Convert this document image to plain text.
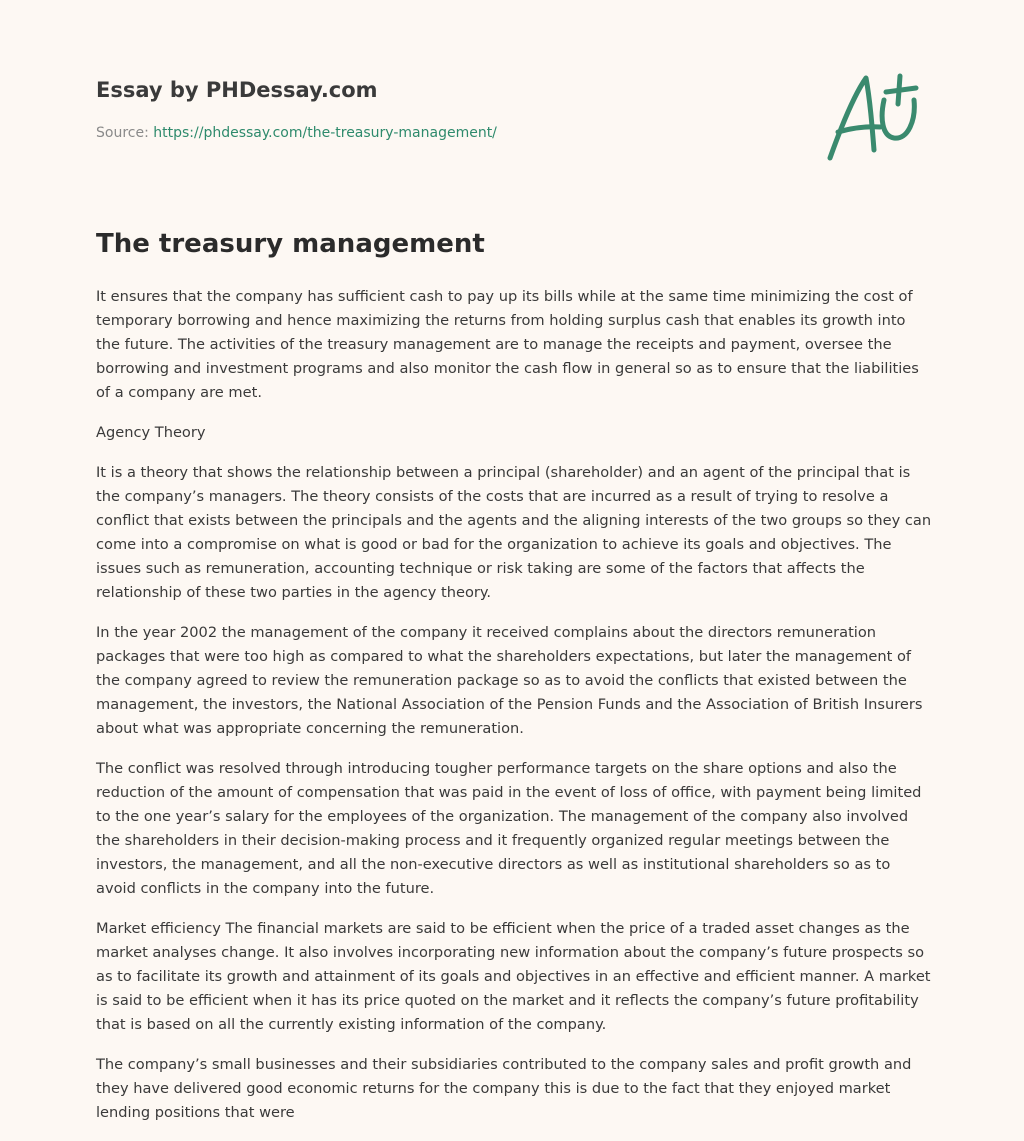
Essay by PHDessay.com
Source: https://phdessay.com/the-treasury-management/
The treasury management

It ensures that the company has sufficient cash to pay up its bills while at the same time minimizing the cost of temporary borrowing and hence maximizing the returns from holding surplus cash that enables its growth into the future. The activities of the treasury management are to manage the receipts and payment, oversee the borrowing and investment programs and also monitor the cash flow in general so as to ensure that the liabilities of a company are met.

Agency Theory

It is a theory that shows the relationship between a principal (shareholder) and an agent of the principal that is the company’s managers. The theory consists of the costs that are incurred as a result of trying to resolve a conflict that exists between the principals and the agents and the aligning interests of the two groups so they can come into a compromise on what is good or bad for the organization to achieve its goals and objectives. The issues such as remuneration, accounting technique or risk taking are some of the factors that affects the relationship of these two parties in the agency theory.

In the year 2002 the management of the company it received complains about the directors remuneration packages that were too high as compared to what the shareholders expectations, but later the management of the company agreed to review the remuneration package so as to avoid the conflicts that existed between the management, the investors, the National Association of the Pension Funds and the Association of British Insurers about what was appropriate concerning the remuneration.

The conflict was resolved through introducing tougher performance targets on the share options and also the reduction of the amount of compensation that was paid in the event of loss of office, with payment being limited to the one year’s salary for the employees of the organization. The management of the company also involved the shareholders in their decision-making process and it frequently organized regular meetings between the investors, the management, and all the non-executive directors as well as institutional shareholders so as to avoid conflicts in the company into the future.

Market efficiency The financial markets are said to be efficient when the price of a traded asset changes as the market analyses change. It also involves incorporating new information about the company’s future prospects so as to facilitate its growth and attainment of its goals and objectives in an effective and efficient manner. A market is said to be efficient when it has its price quoted on the market and it reflects the company’s future profitability that is based on all the currently existing information of the company.

The company’s small businesses and their subsidiaries contributed to the company sales and profit growth and they have delivered good economic returns for the company this is due to the fact that they enjoyed market lending positions that were
